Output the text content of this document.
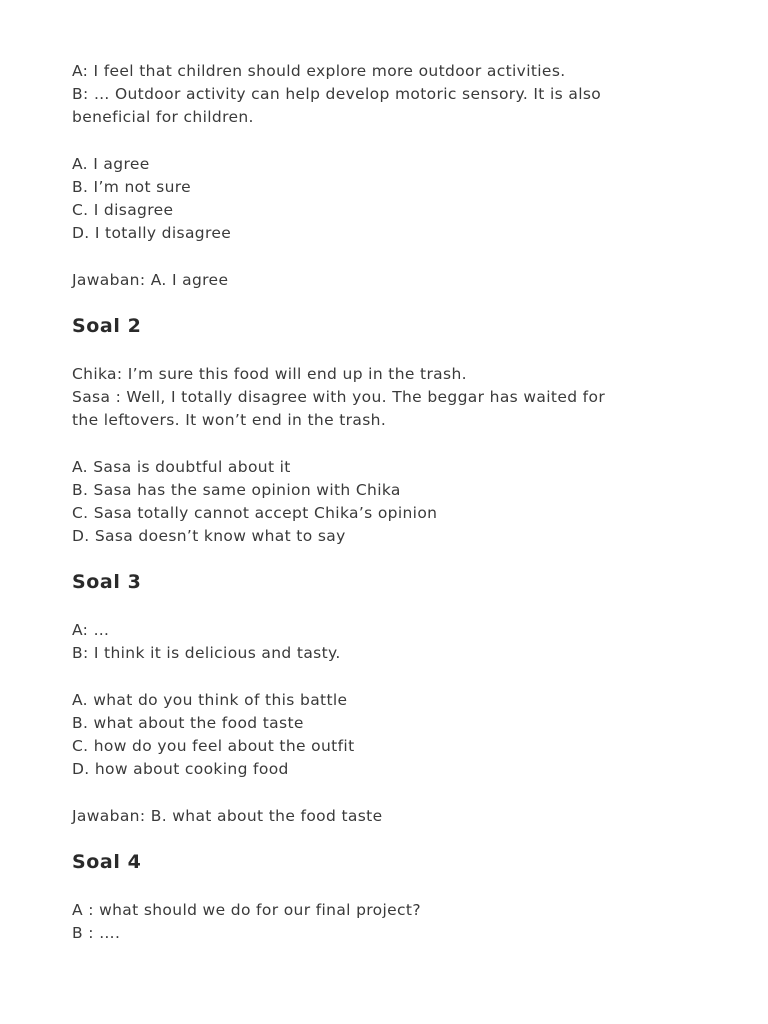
A: I feel that children should explore more outdoor activities.
B: … Outdoor activity can help develop motoric sensory. It is also
beneficial for children.
A. I agree
B. I’m not sure
C. I disagree
D. I totally disagree
Jawaban: A. I agree
Soal 2
Chika: I’m sure this food will end up in the trash.
Sasa : Well, I totally disagree with you. The beggar has waited for
the leftovers. It won’t end in the trash.
A. Sasa is doubtful about it
B. Sasa has the same opinion with Chika
C. Sasa totally cannot accept Chika’s opinion
D. Sasa doesn’t know what to say
Soal 3
A: …
B: I think it is delicious and tasty.
A. what do you think of this battle
B. what about the food taste
C. how do you feel about the outfit
D. how about cooking food
Jawaban: B. what about the food taste
Soal 4
A : what should we do for our final project?
B : ….
